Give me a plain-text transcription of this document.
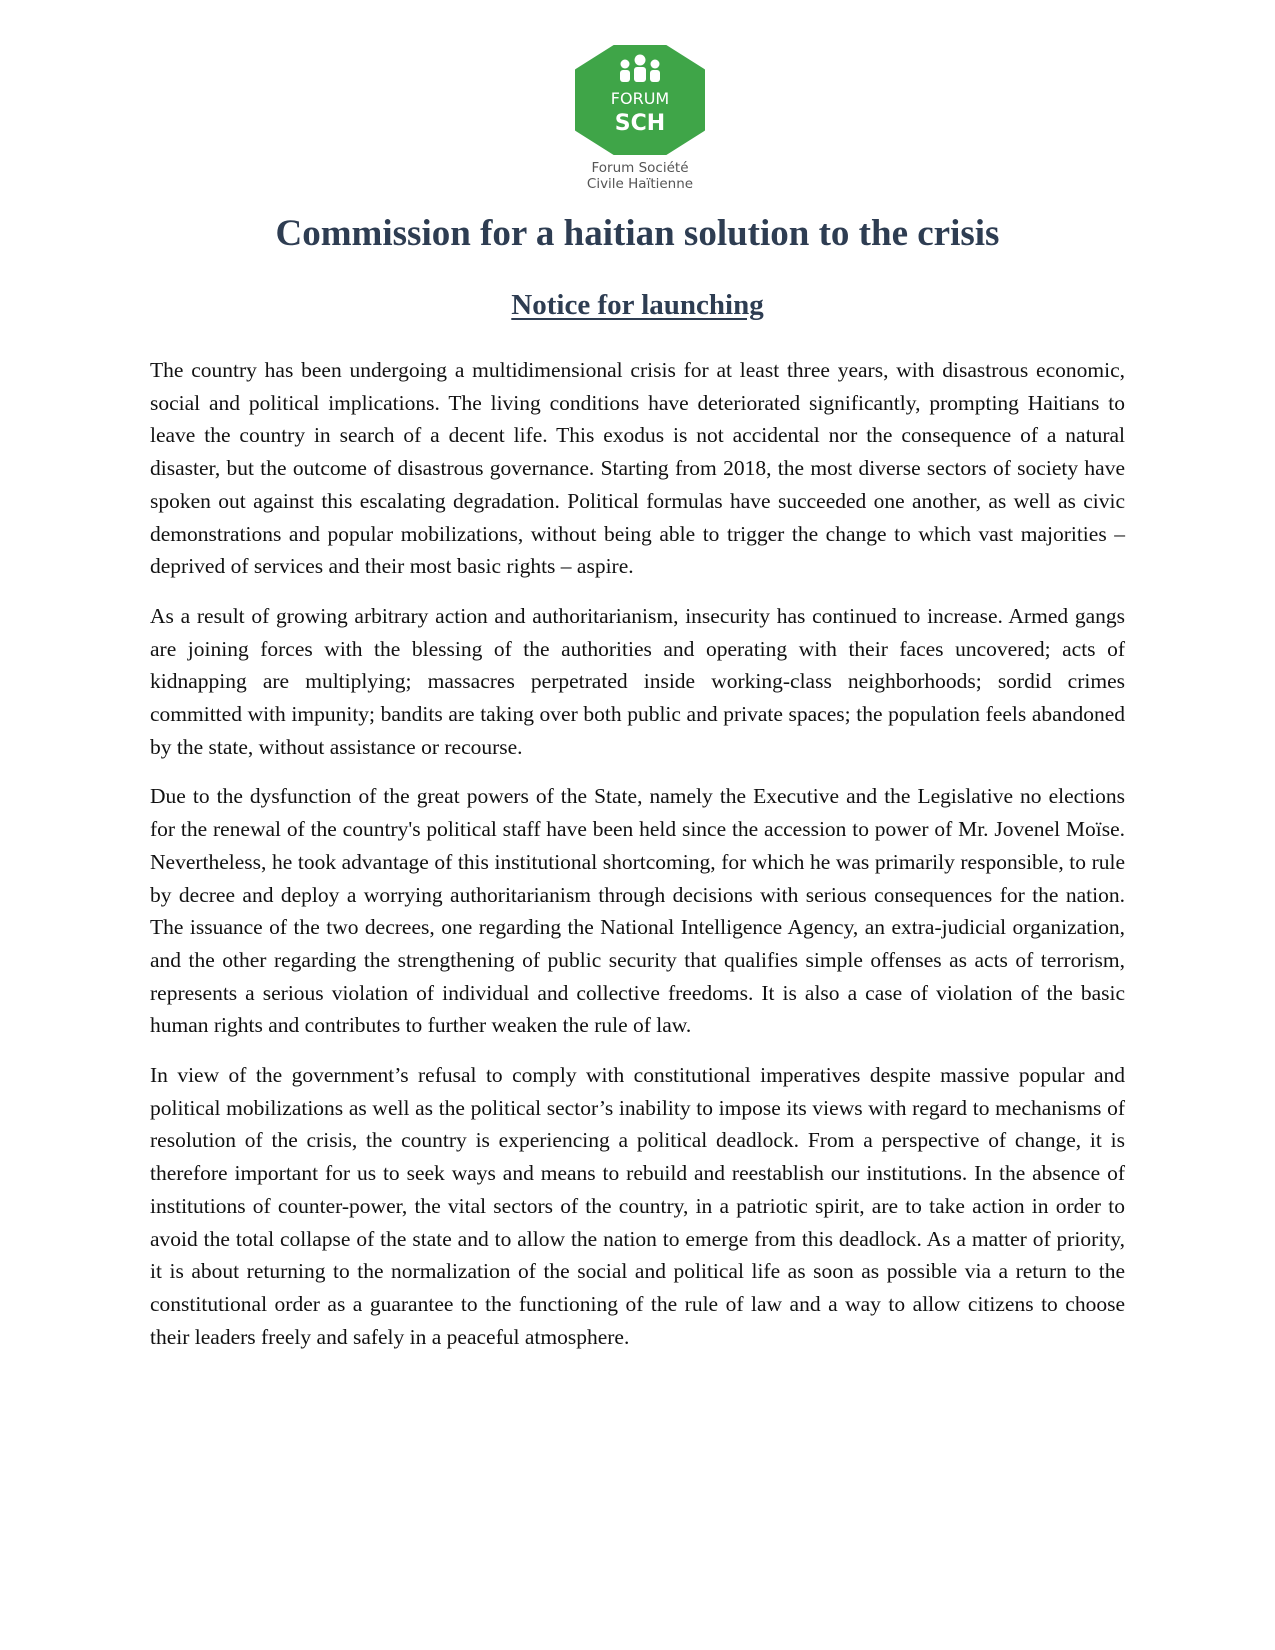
FORUM
SCH
Forum Société
Civile Haïtienne
Commission for a haitian solution to the crisis
Notice for launching

The country has been undergoing a multidimensional crisis for at least three years, with disastrous economic, social and political implications. The living conditions have deteriorated significantly, prompting Haitians to leave the country in search of a decent life. This exodus is not accidental nor the consequence of a natural disaster, but the outcome of disastrous governance. Starting from 2018, the most diverse sectors of society have spoken out against this escalating degradation. Political formulas have succeeded one another, as well as civic demonstrations and popular mobilizations, without being able to trigger the change to which vast majorities – deprived of services and their most basic rights – aspire.

As a result of growing arbitrary action and authoritarianism, insecurity has continued to increase. Armed gangs are joining forces with the blessing of the authorities and operating with their faces uncovered; acts of kidnapping are multiplying; massacres perpetrated inside working-class neighborhoods; sordid crimes committed with impunity; bandits are taking over both public and private spaces; the population feels abandoned by the state, without assistance or recourse.

Due to the dysfunction of the great powers of the State, namely the Executive and the Legislative no elections for the renewal of the country's political staff have been held since the accession to power of Mr. Jovenel Moïse. Nevertheless, he took advantage of this institutional shortcoming, for which he was primarily responsible, to rule by decree and deploy a worrying authoritarianism through decisions with serious consequences for the nation. The issuance of the two decrees, one regarding the National Intelligence Agency, an extra-judicial organization, and the other regarding the strengthening of public security that qualifies simple offenses as acts of terrorism, represents a serious violation of individual and collective freedoms. It is also a case of violation of the basic human rights and contributes to further weaken the rule of law.

In view of the government’s refusal to comply with constitutional imperatives despite massive popular and political mobilizations as well as the political sector’s inability to impose its views with regard to mechanisms of resolution of the crisis, the country is experiencing a political deadlock. From a perspective of change, it is therefore important for us to seek ways and means to rebuild and reestablish our institutions. In the absence of institutions of counter-power, the vital sectors of the country, in a patriotic spirit, are to take action in order to avoid the total collapse of the state and to allow the nation to emerge from this deadlock. As a matter of priority, it is about returning to the normalization of the social and political life as soon as possible via a return to the constitutional order as a guarantee to the functioning of the rule of law and a way to allow citizens to choose their leaders freely and safely in a peaceful atmosphere.
